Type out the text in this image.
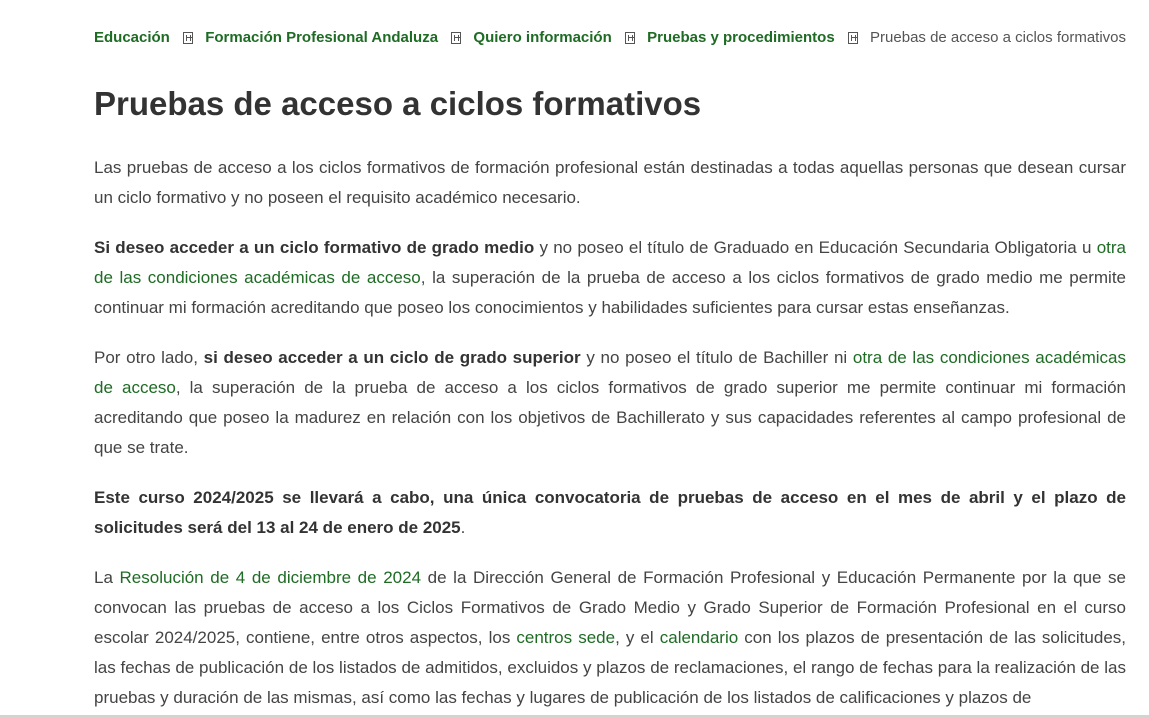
Educación Formación Profesional Andaluza Quiero información Pruebas y procedimientos Pruebas de acceso a ciclos formativos
Pruebas de acceso a ciclos formativos

Las pruebas de acceso a los ciclos formativos de formación profesional están destinadas a todas aquellas personas que desean cursar un ciclo formativo y no poseen el requisito académico necesario.

Si deseo acceder a un ciclo formativo de grado medio y no poseo el título de Graduado en Educación Secundaria Obligatoria u otra de las condiciones académicas de acceso, la superación de la prueba de acceso a los ciclos formativos de grado medio me permite continuar mi formación acreditando que poseo los conocimientos y habilidades suficientes para cursar estas enseñanzas.

Por otro lado, si deseo acceder a un ciclo de grado superior y no poseo el título de Bachiller ni otra de las condiciones académicas de acceso, la superación de la prueba de acceso a los ciclos formativos de grado superior me permite continuar mi formación acreditando que poseo la madurez en relación con los objetivos de Bachillerato y sus capacidades referentes al campo profesional de que se trate.

Este curso 2024/2025 se llevará a cabo, una única convocatoria de pruebas de acceso en el mes de abril y el plazo de solicitudes será del 13 al 24 de enero de 2025.

La Resolución de 4 de diciembre de 2024 de la Dirección General de Formación Profesional y Educación Permanente por la que se convocan las pruebas de acceso a los Ciclos Formativos de Grado Medio y Grado Superior de Formación Profesional en el curso escolar 2024/2025, contiene, entre otros aspectos, los centros sede, y el calendario con los plazos de presentación de las solicitudes, las fechas de publicación de los listados de admitidos, excluidos y plazos de reclamaciones, el rango de fechas para la realización de las pruebas y duración de las mismas, así como las fechas y lugares de publicación de los listados de calificaciones y plazos de
